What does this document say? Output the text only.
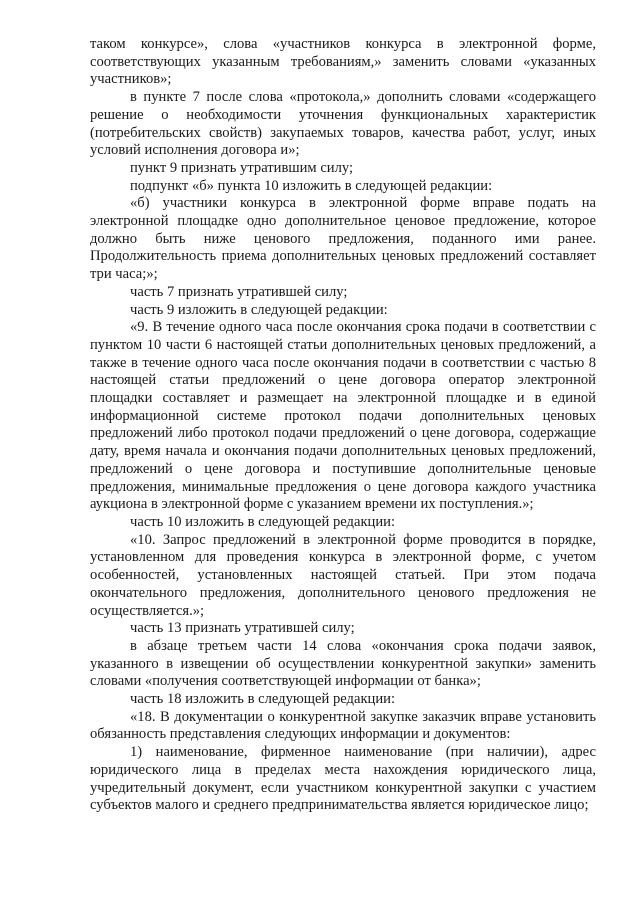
таком конкурсе», слова «участников конкурса в электронной форме, соответствующих указанным требованиям,» заменить словами «указанных участников»;

в пункте 7 после слова «протокола,» дополнить словами «содержащего решение о необходимости уточнения функциональных характеристик (потребительских свойств) закупаемых товаров, качества работ, услуг, иных условий исполнения договора и»;

пункт 9 признать утратившим силу;

подпункт «б» пункта 10 изложить в следующей редакции:

«б) участники конкурса в электронной форме вправе подать на электронной площадке одно дополнительное ценовое предложение, которое должно быть ниже ценового предложения, поданного ими ранее. Продолжительность приема дополнительных ценовых предложений составляет три часа;»;

часть 7 признать утратившей силу;

часть 9 изложить в следующей редакции:

«9. В течение одного часа после окончания срока подачи в соответствии с пунктом 10 части 6 настоящей статьи дополнительных ценовых предложений, а также в течение одного часа после окончания подачи в соответствии с частью 8 настоящей статьи предложений о цене договора оператор электронной площадки составляет и размещает на электронной площадке и в единой информационной системе протокол подачи дополнительных ценовых предложений либо протокол подачи предложений о цене договора, содержащие дату, время начала и окончания подачи дополнительных ценовых предложений, предложений о цене договора и поступившие дополнительные ценовые предложения, минимальные предложения о цене договора каждого участника аукциона в электронной форме с указанием времени их поступления.»;

часть 10 изложить в следующей редакции:

«10. Запрос предложений в электронной форме проводится в порядке, установленном для проведения конкурса в электронной форме, с учетом особенностей, установленных настоящей статьей. При этом подача окончательного предложения, дополнительного ценового предложения не осуществляется.»;

часть 13 признать утратившей силу;

в абзаце третьем части 14 слова «окончания срока подачи заявок, указанного в извещении об осуществлении конкурентной закупки» заменить словами «получения соответствующей информации от банка»;

часть 18 изложить в следующей редакции:

«18. В документации о конкурентной закупке заказчик вправе установить обязанность представления следующих информации и документов:

1) наименование, фирменное наименование (при наличии), адрес юридического лица в пределах места нахождения юридического лица, учредительный документ, если участником конкурентной закупки с участием субъектов малого и среднего предпринимательства является юридическое лицо;
